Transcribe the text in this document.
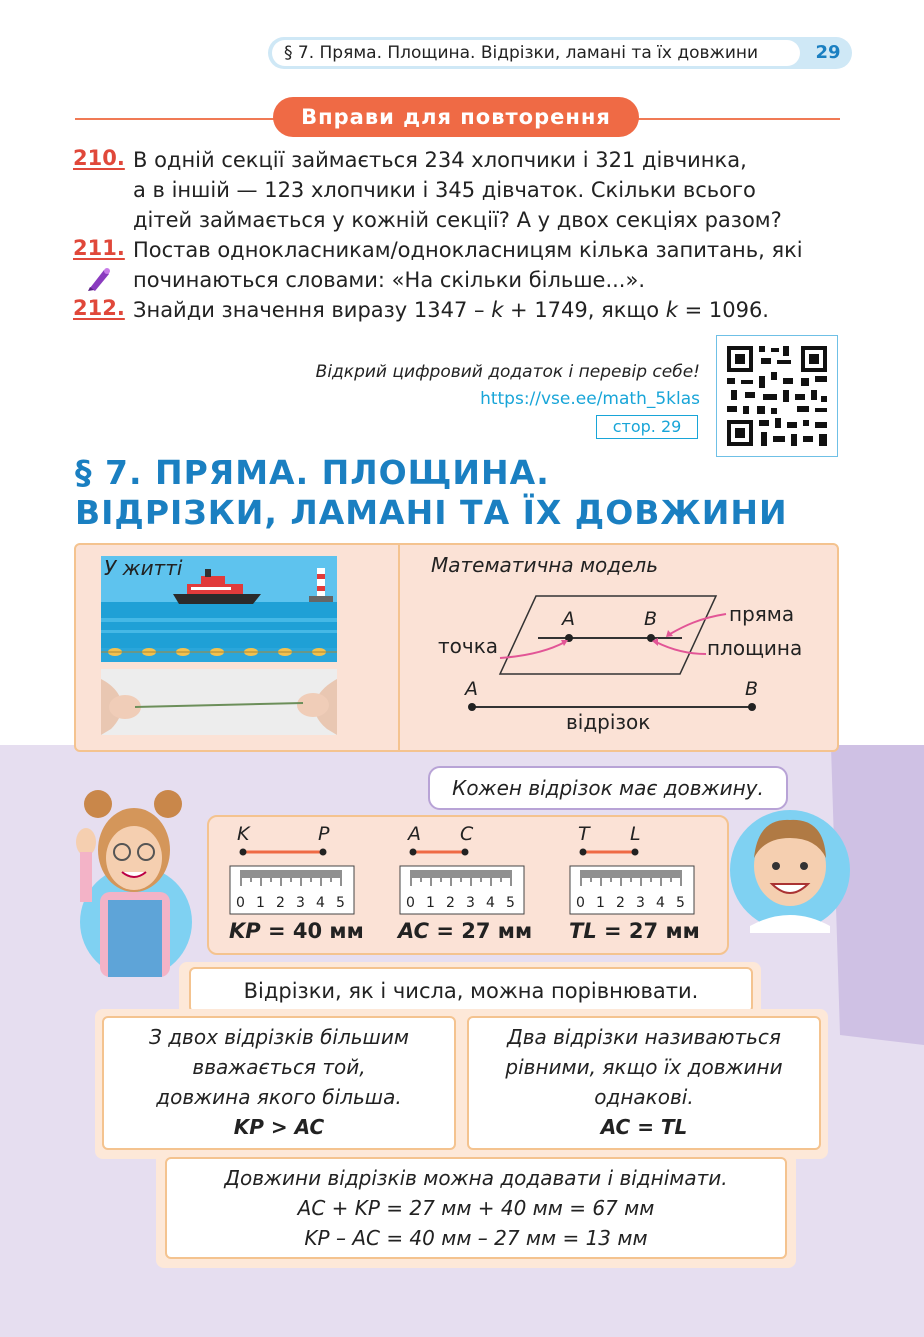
§ 7. Пряма. Площина. Відрізки, ламані та їх довжини	29
Вправи для повторення
210. В одній секції займається 234 хлопчики і 321 дівчинка,
а в іншій — 123 хлопчики і 345 дівчаток. Скільки всього
дітей займається у кожній секції? А у двох секціях разом?
211. Постав однокласникам/однокласницям кілька запитань, які
починаються словами: «На скільки більше...».
212. Знайди значення виразу 1347 – k + 1749, якщо k = 1096.
Відкрий цифровий додаток і перевір себе!
https://vse.ee/math_5klas
стор. 29
§ 7. ПРЯМА. ПЛОЩИНА.
ВІДРІЗКИ, ЛАМАНІ ТА ЇХ ДОВЖИНИ
У житті	Математична модель
A	B	пряма
площина
точка
A	B
відрізок
Кожен відрізок має довжину.
K	P	A C	T L
0 1 2 3 4 5	0 1 2 3 4 5	0 1 2 3 4 5
KP = 40 мм AC = 27 мм TL = 27 мм
Відрізки, як і числа, можна порівнювати.
З двох відрізків більшим
вважається той,
довжина якого більша.
KP > AC
Два відрізки називаються
рівними, якщо їх довжини
однакові.
AC = TL
Довжини відрізків можна додавати і віднімати.
AC + KP = 27 мм + 40 мм = 67 мм
KP – AC = 40 мм – 27 мм = 13 мм
